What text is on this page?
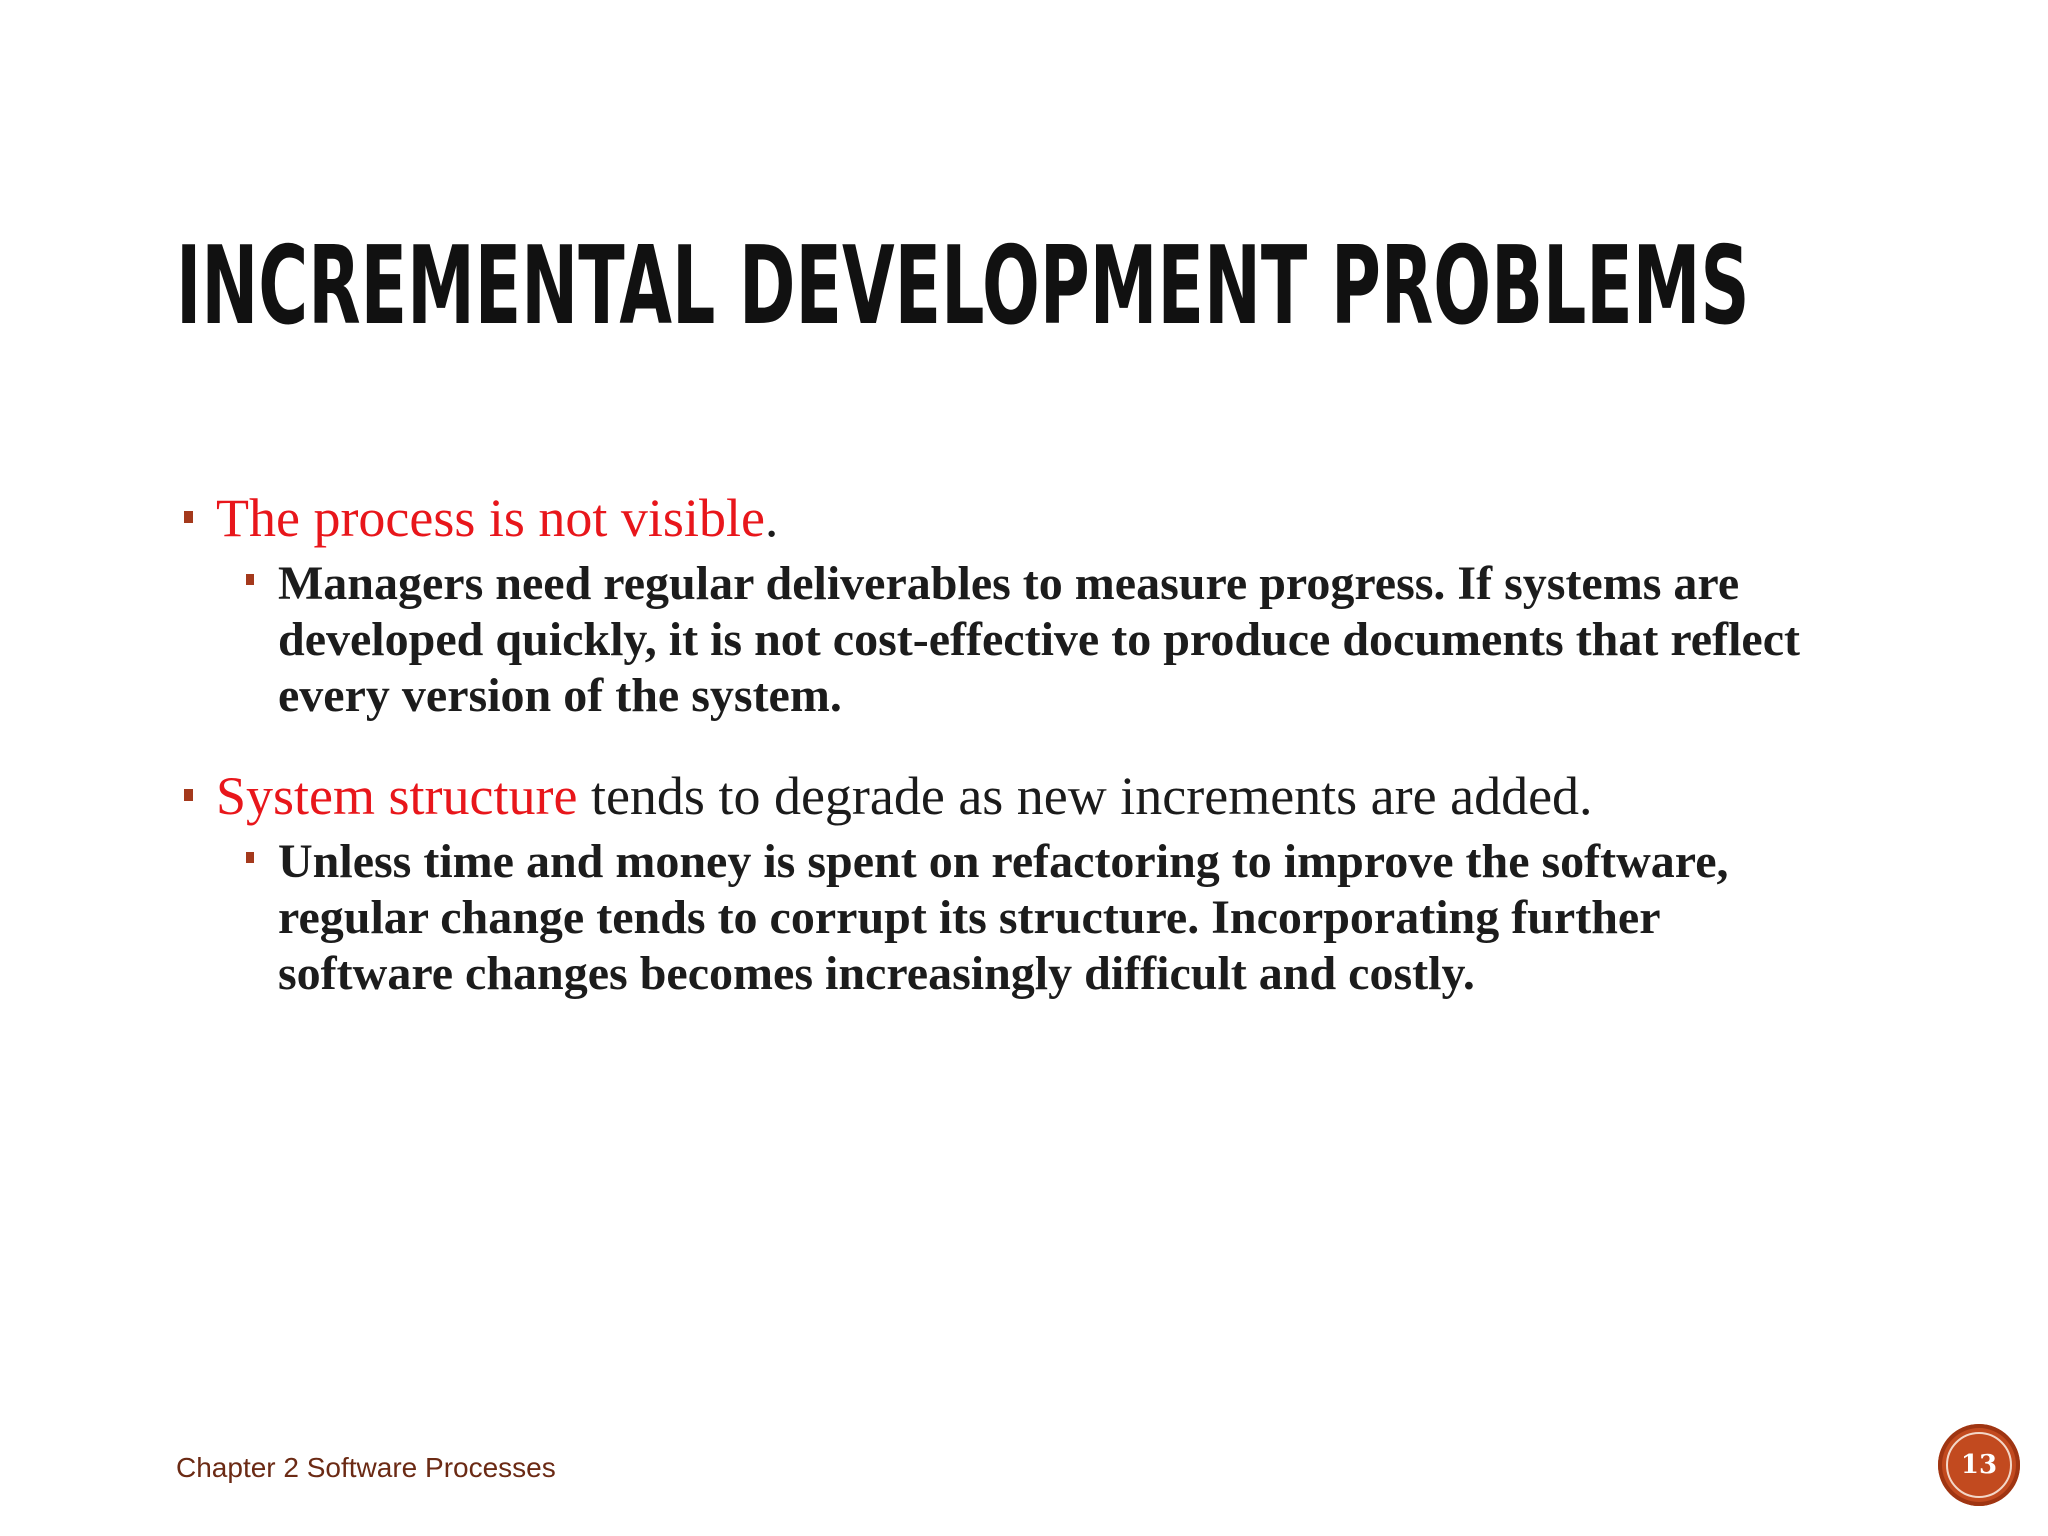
INCREMENTAL DEVELOPMENT PROBLEMS
The process is not visible.
Managers need regular deliverables to measure progress. If systems are developed quickly, it is not cost-effective to produce documents that reflect every version of the system.
System structure tends to degrade as new increments are added.
Unless time and money is spent on refactoring to improve the software, regular change tends to corrupt its structure. Incorporating further software changes becomes increasingly difficult and costly.
Chapter 2 Software Processes	13
